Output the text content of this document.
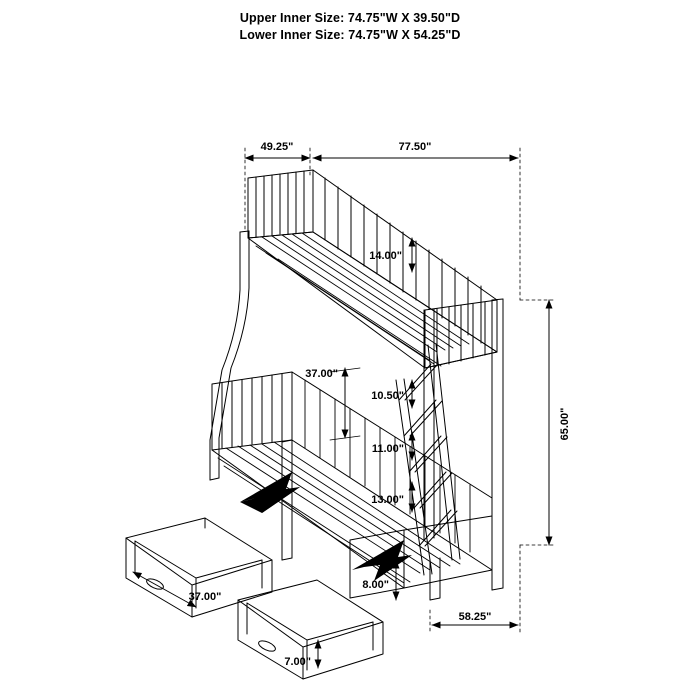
Upper Inner Size: 74.75"W X 39.50"D
Lower Inner Size: 74.75"W X 54.25"D
49.25"	77.50"
14.00"
37.00"
10.50"
11.00"
13.00"
8.00"
65.00"
58.25"
37.00"
7.00"
